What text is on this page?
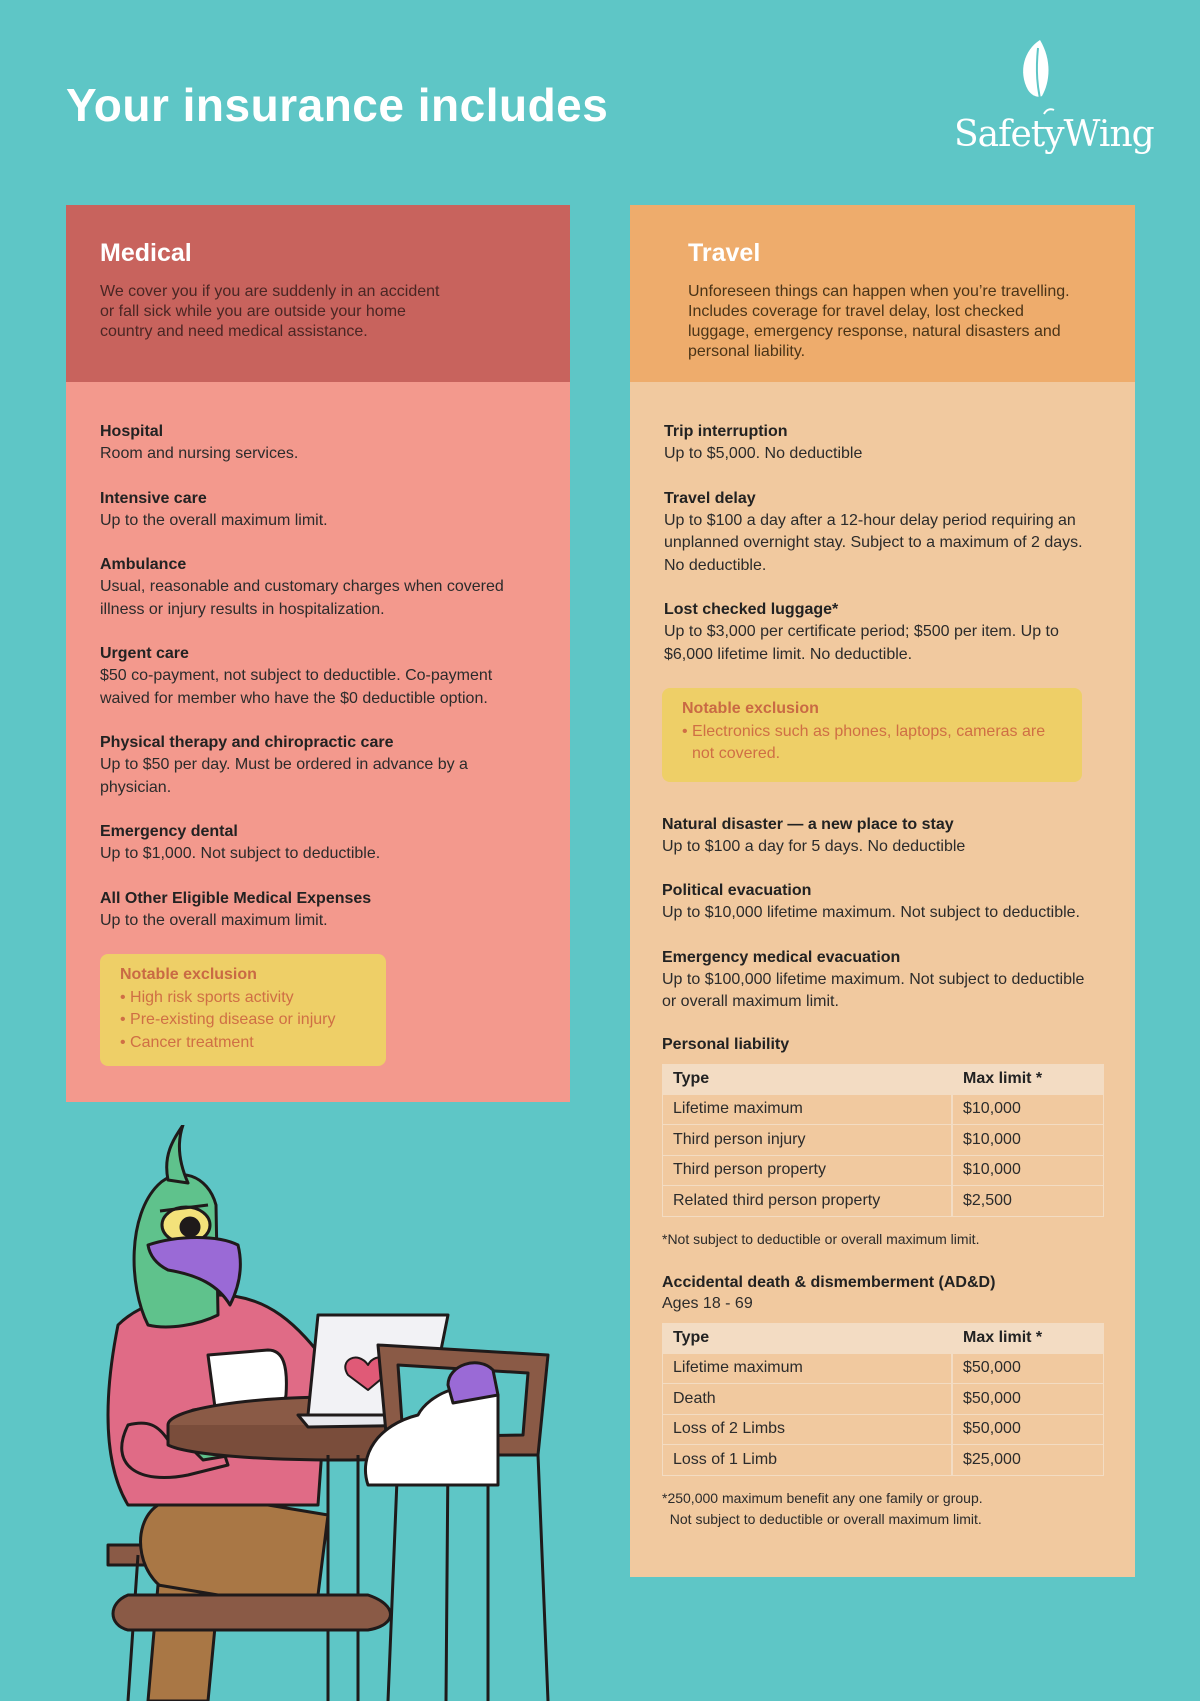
Your insurance includes
SafetyWing
Medical

We cover you if you are suddenly in an accident
or fall sick while you are outside your home
country and need medical assistance.

Hospital
Room and nursing services.
Intensive care
Up to the overall maximum limit.
Ambulance
Usual, reasonable and customary charges when covered
illness or injury results in hospitalization.
Urgent care
$50 co-payment, not subject to deductible. Co-payment
waived for member who have the $0 deductible option.
Physical therapy and chiropractic care
Up to $50 per day. Must be ordered in advance by a
physician.
Emergency dental
Up to $1,000. Not subject to deductible.
All Other Eligible Medical Expenses
Up to the overall maximum limit.
Notable exclusion
• High risk sports activity
• Pre-existing disease or injury
• Cancer treatment
Travel

Unforeseen things can happen when you’re travelling.
Includes coverage for travel delay, lost checked
luggage, emergency response, natural disasters and
personal liability.

Trip interruption
Up to $5,000. No deductible
Travel delay
Up to $100 a day after a 12-hour delay period requiring an
unplanned overnight stay. Subject to a maximum of 2 days.
No deductible.
Lost checked luggage*
Up to $3,000 per certificate period; $500 per item. Up to
$6,000 lifetime limit. No deductible.
Notable exclusion
• Electronics such as phones, laptops, cameras are
not covered.
Natural disaster — a new place to stay
Up to $100 a day for 5 days. No deductible
Political evacuation
Up to $10,000 lifetime maximum. Not subject to deductible.
Emergency medical evacuation
Up to $100,000 lifetime maximum. Not subject to deductible
or overall maximum limit.
Personal liability
Type	Max limit *
Lifetime maximum	$10,000
Third person injury	$10,000
Third person property	$10,000
Related third person property	$2,500
*Not subject to deductible or overall maximum limit.
Accidental death & dismemberment (AD&D)
Ages 18 - 69
Type	Max limit *
Lifetime maximum	$50,000
Death	$50,000
Loss of 2 Limbs	$50,000
Loss of 1 Limb	$25,000
*250,000 maximum benefit any one family or group.
Not subject to deductible or overall maximum limit.
